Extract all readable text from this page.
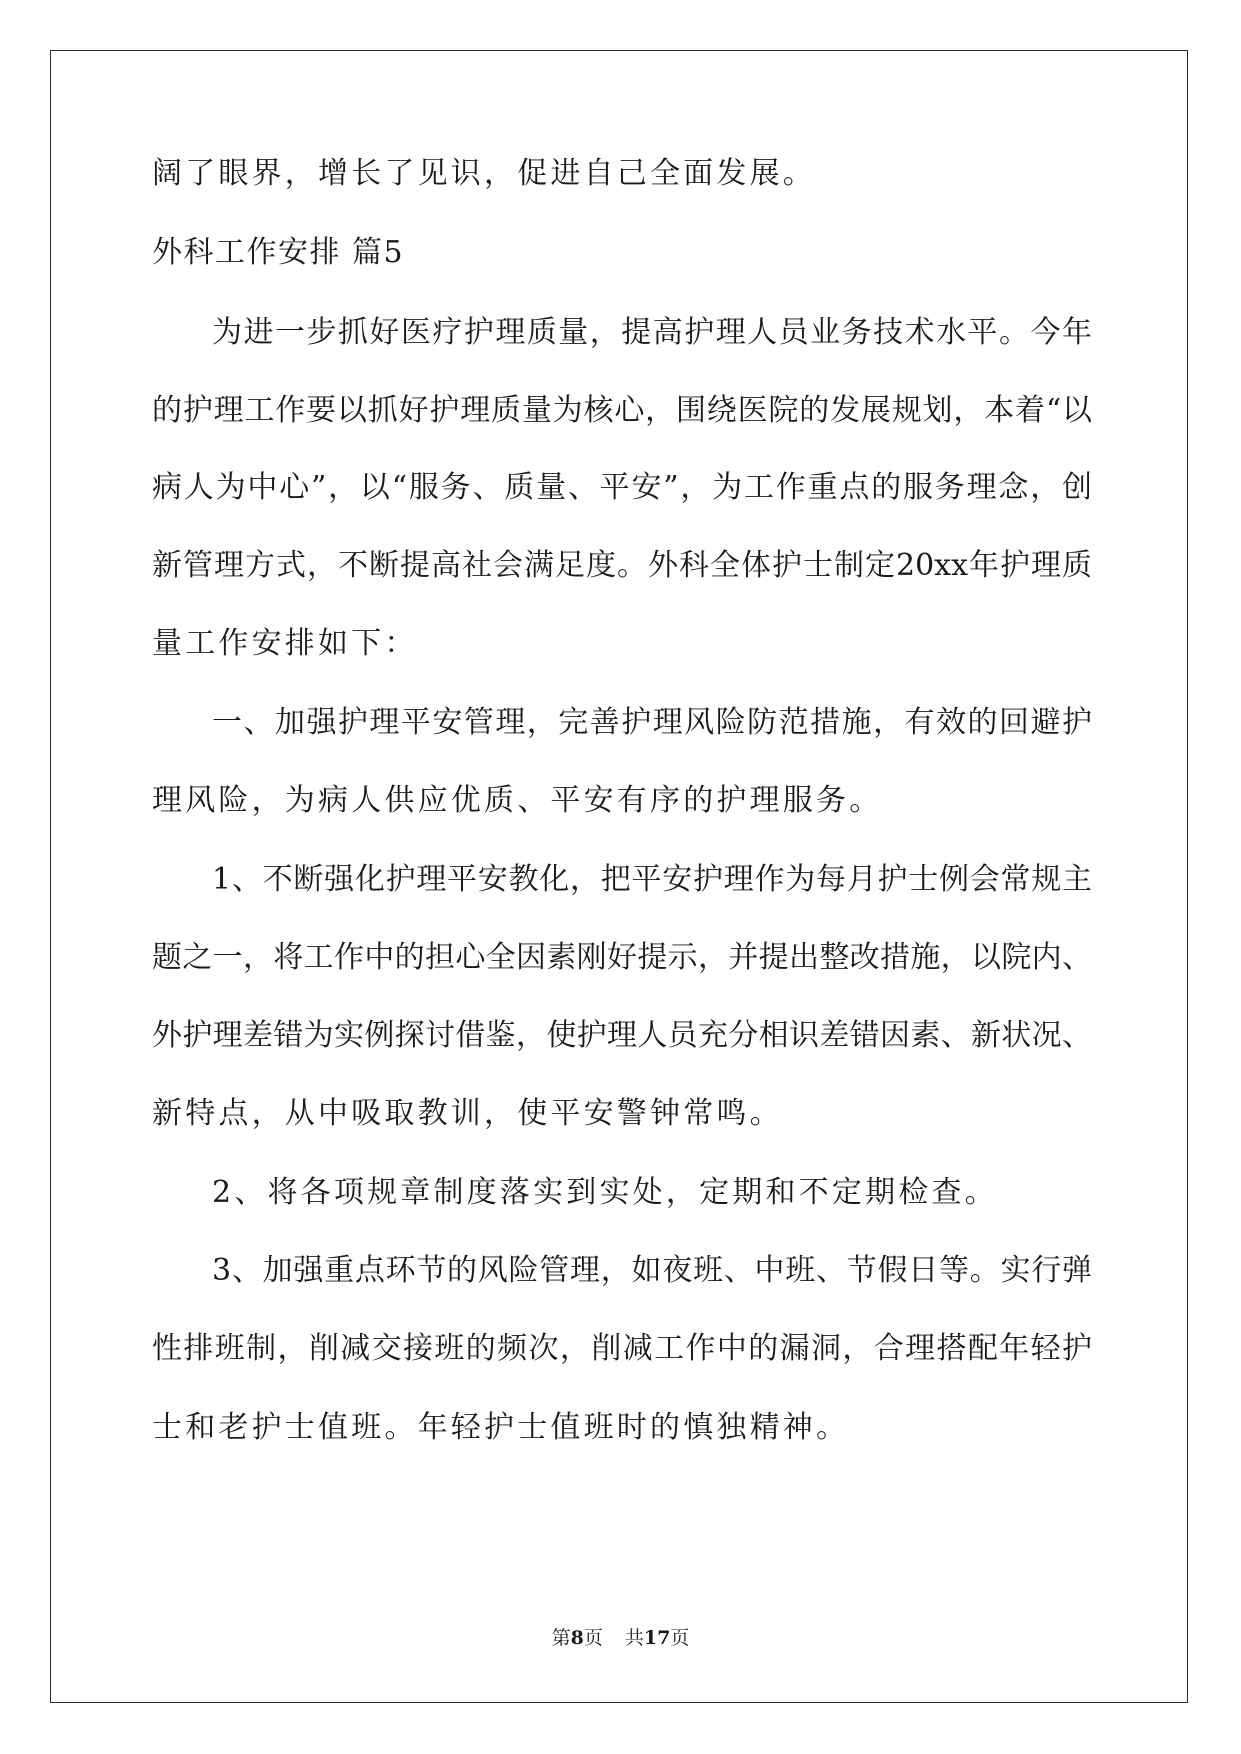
阔了眼界，增长了见识，促进自己全面发展。
外科工作安排 篇5
为进一步抓好医疗护理质量，提高护理人员业务技术水平。今年
的护理工作要以抓好护理质量为核心，围绕医院的发展规划，本着“以
病人为中心”，以“服务、质量、平安”，为工作重点的服务理念，创
新管理方式，不断提高社会满足度。外科全体护士制定20xx年护理质
量工作安排如下：
一、加强护理平安管理，完善护理风险防范措施，有效的回避护
理风险，为病人供应优质、平安有序的护理服务。
1、不断强化护理平安教化，把平安护理作为每月护士例会常规主
题之一，将工作中的担心全因素刚好提示，并提出整改措施，以院内、
外护理差错为实例探讨借鉴，使护理人员充分相识差错因素、新状况、
新特点，从中吸取教训，使平安警钟常鸣。
2、将各项规章制度落实到实处，定期和不定期检查。
3、加强重点环节的风险管理，如夜班、中班、节假日等。实行弹
性排班制，削减交接班的频次，削减工作中的漏洞，合理搭配年轻护
士和老护士值班。年轻护士值班时的慎独精神。
第8页 共17页
